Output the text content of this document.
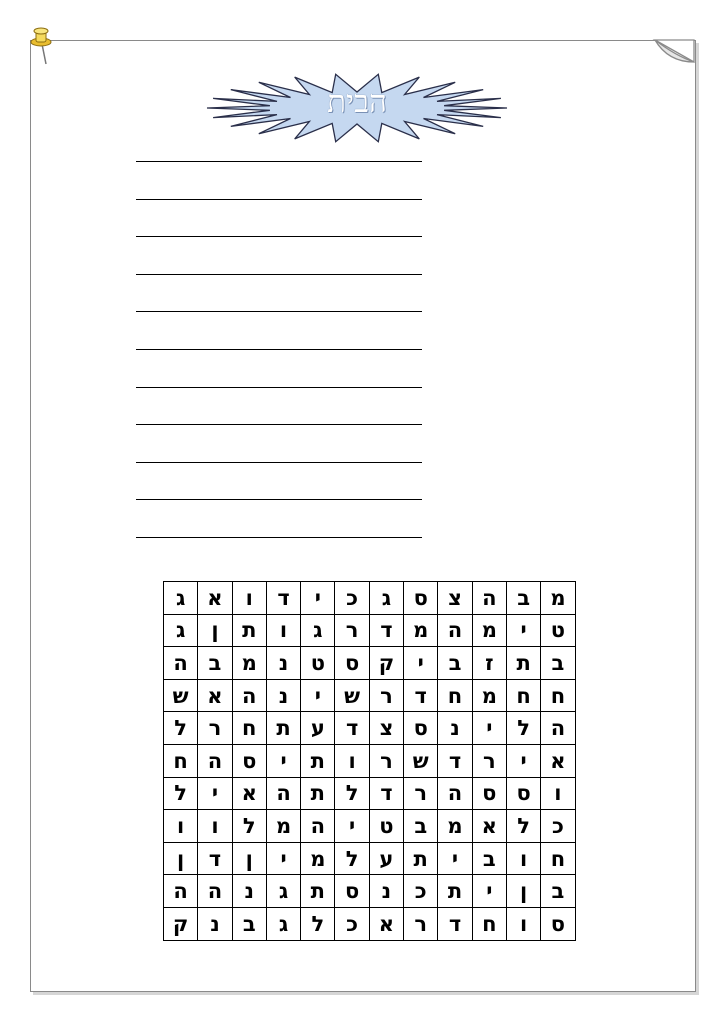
הבית
מ	ב	ה	צ	ס	ג	כ	י	ד	ו	א	ג
ט	י	מ	ה	מ	ד	ר	ג	ו	ת	ן	ג
ב	ת	ז	ב	י	ק	ס	ט	נ	מ	ב	ה
ח	ח	מ	ח	ד	ר	ש	י	נ	ה	א	ש
ה	ל	י	נ	ס	צ	ד	ע	ת	ח	ר	ל
א	י	ר	ד	ש	ר	ו	ת	י	ס	ה	ח
ו	ס	ס	ה	ר	ד	ל	ת	ה	א	י	ל
כ	ל	א	מ	ב	ט	י	ה	מ	ל	ו	ו
ח	ו	ב	י	ת	ע	ל	מ	י	ן	ד	ן
ב	ן	י	ת	כ	נ	ס	ת	ג	נ	ה	ה
ס	ו	ח	ד	ר	א	כ	ל	ג	ב	נ	ק
